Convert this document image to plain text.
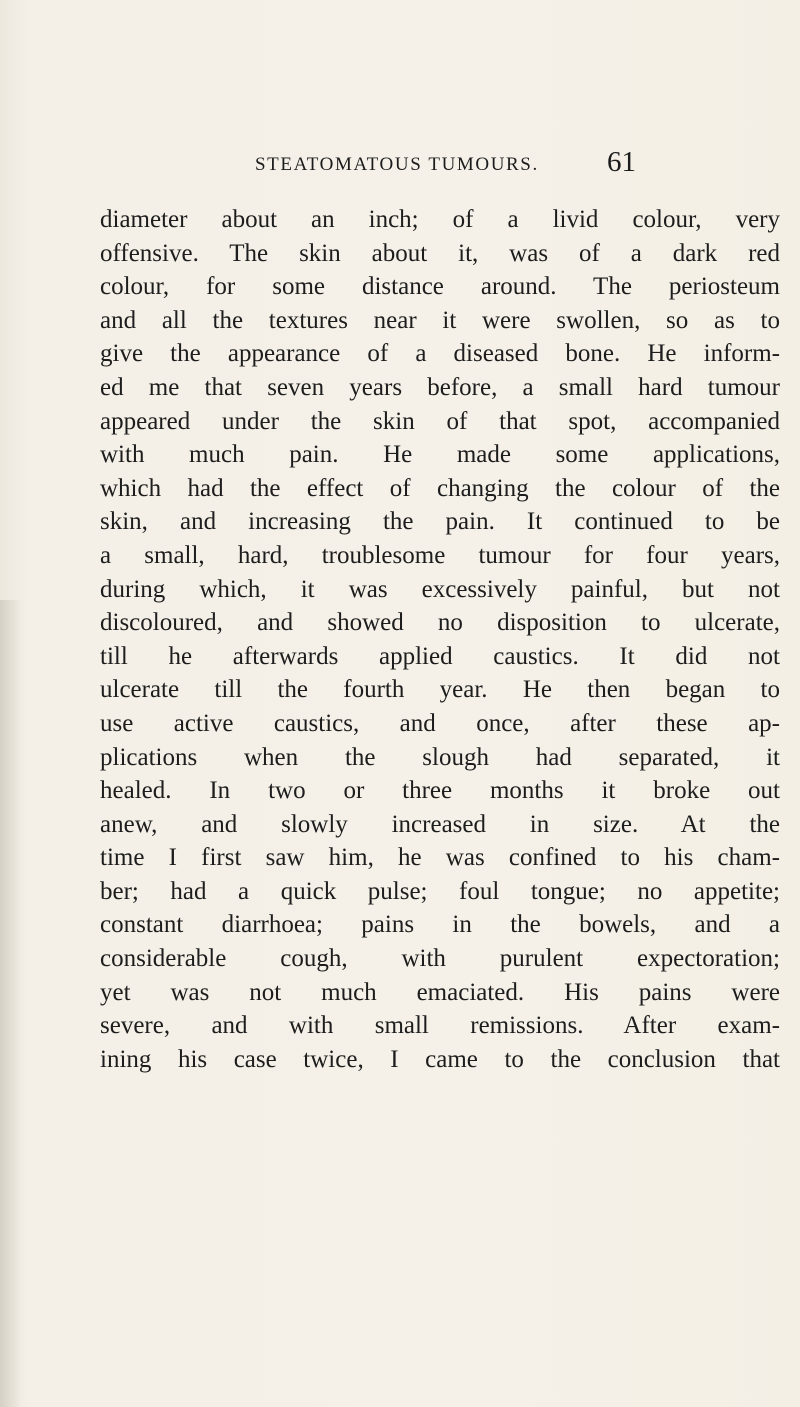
STEATOMATOUS TUMOURS. 61
diameter about an inch; of a livid colour, very
offensive. The skin about it, was of a dark red
colour, for some distance around. The periosteum
and all the textures near it were swollen, so as to
give the appearance of a diseased bone. He inform-
ed me that seven years before, a small hard tumour
appeared under the skin of that spot, accompanied
with much pain. He made some applications,
which had the effect of changing the colour of the
skin, and increasing the pain. It continued to be
a small, hard, troublesome tumour for four years,
during which, it was excessively painful, but not
discoloured, and showed no disposition to ulcerate,
till he afterwards applied caustics. It did not
ulcerate till the fourth year. He then began to
use active caustics, and once, after these ap-
plications when the slough had separated, it
healed. In two or three months it broke out
anew, and slowly increased in size. At the
time I first saw him, he was confined to his cham-
ber; had a quick pulse; foul tongue; no appetite;
constant diarrhoea; pains in the bowels, and a
considerable cough, with purulent expectoration;
yet was not much emaciated. His pains were
severe, and with small remissions. After exam-
ining his case twice, I came to the conclusion that
